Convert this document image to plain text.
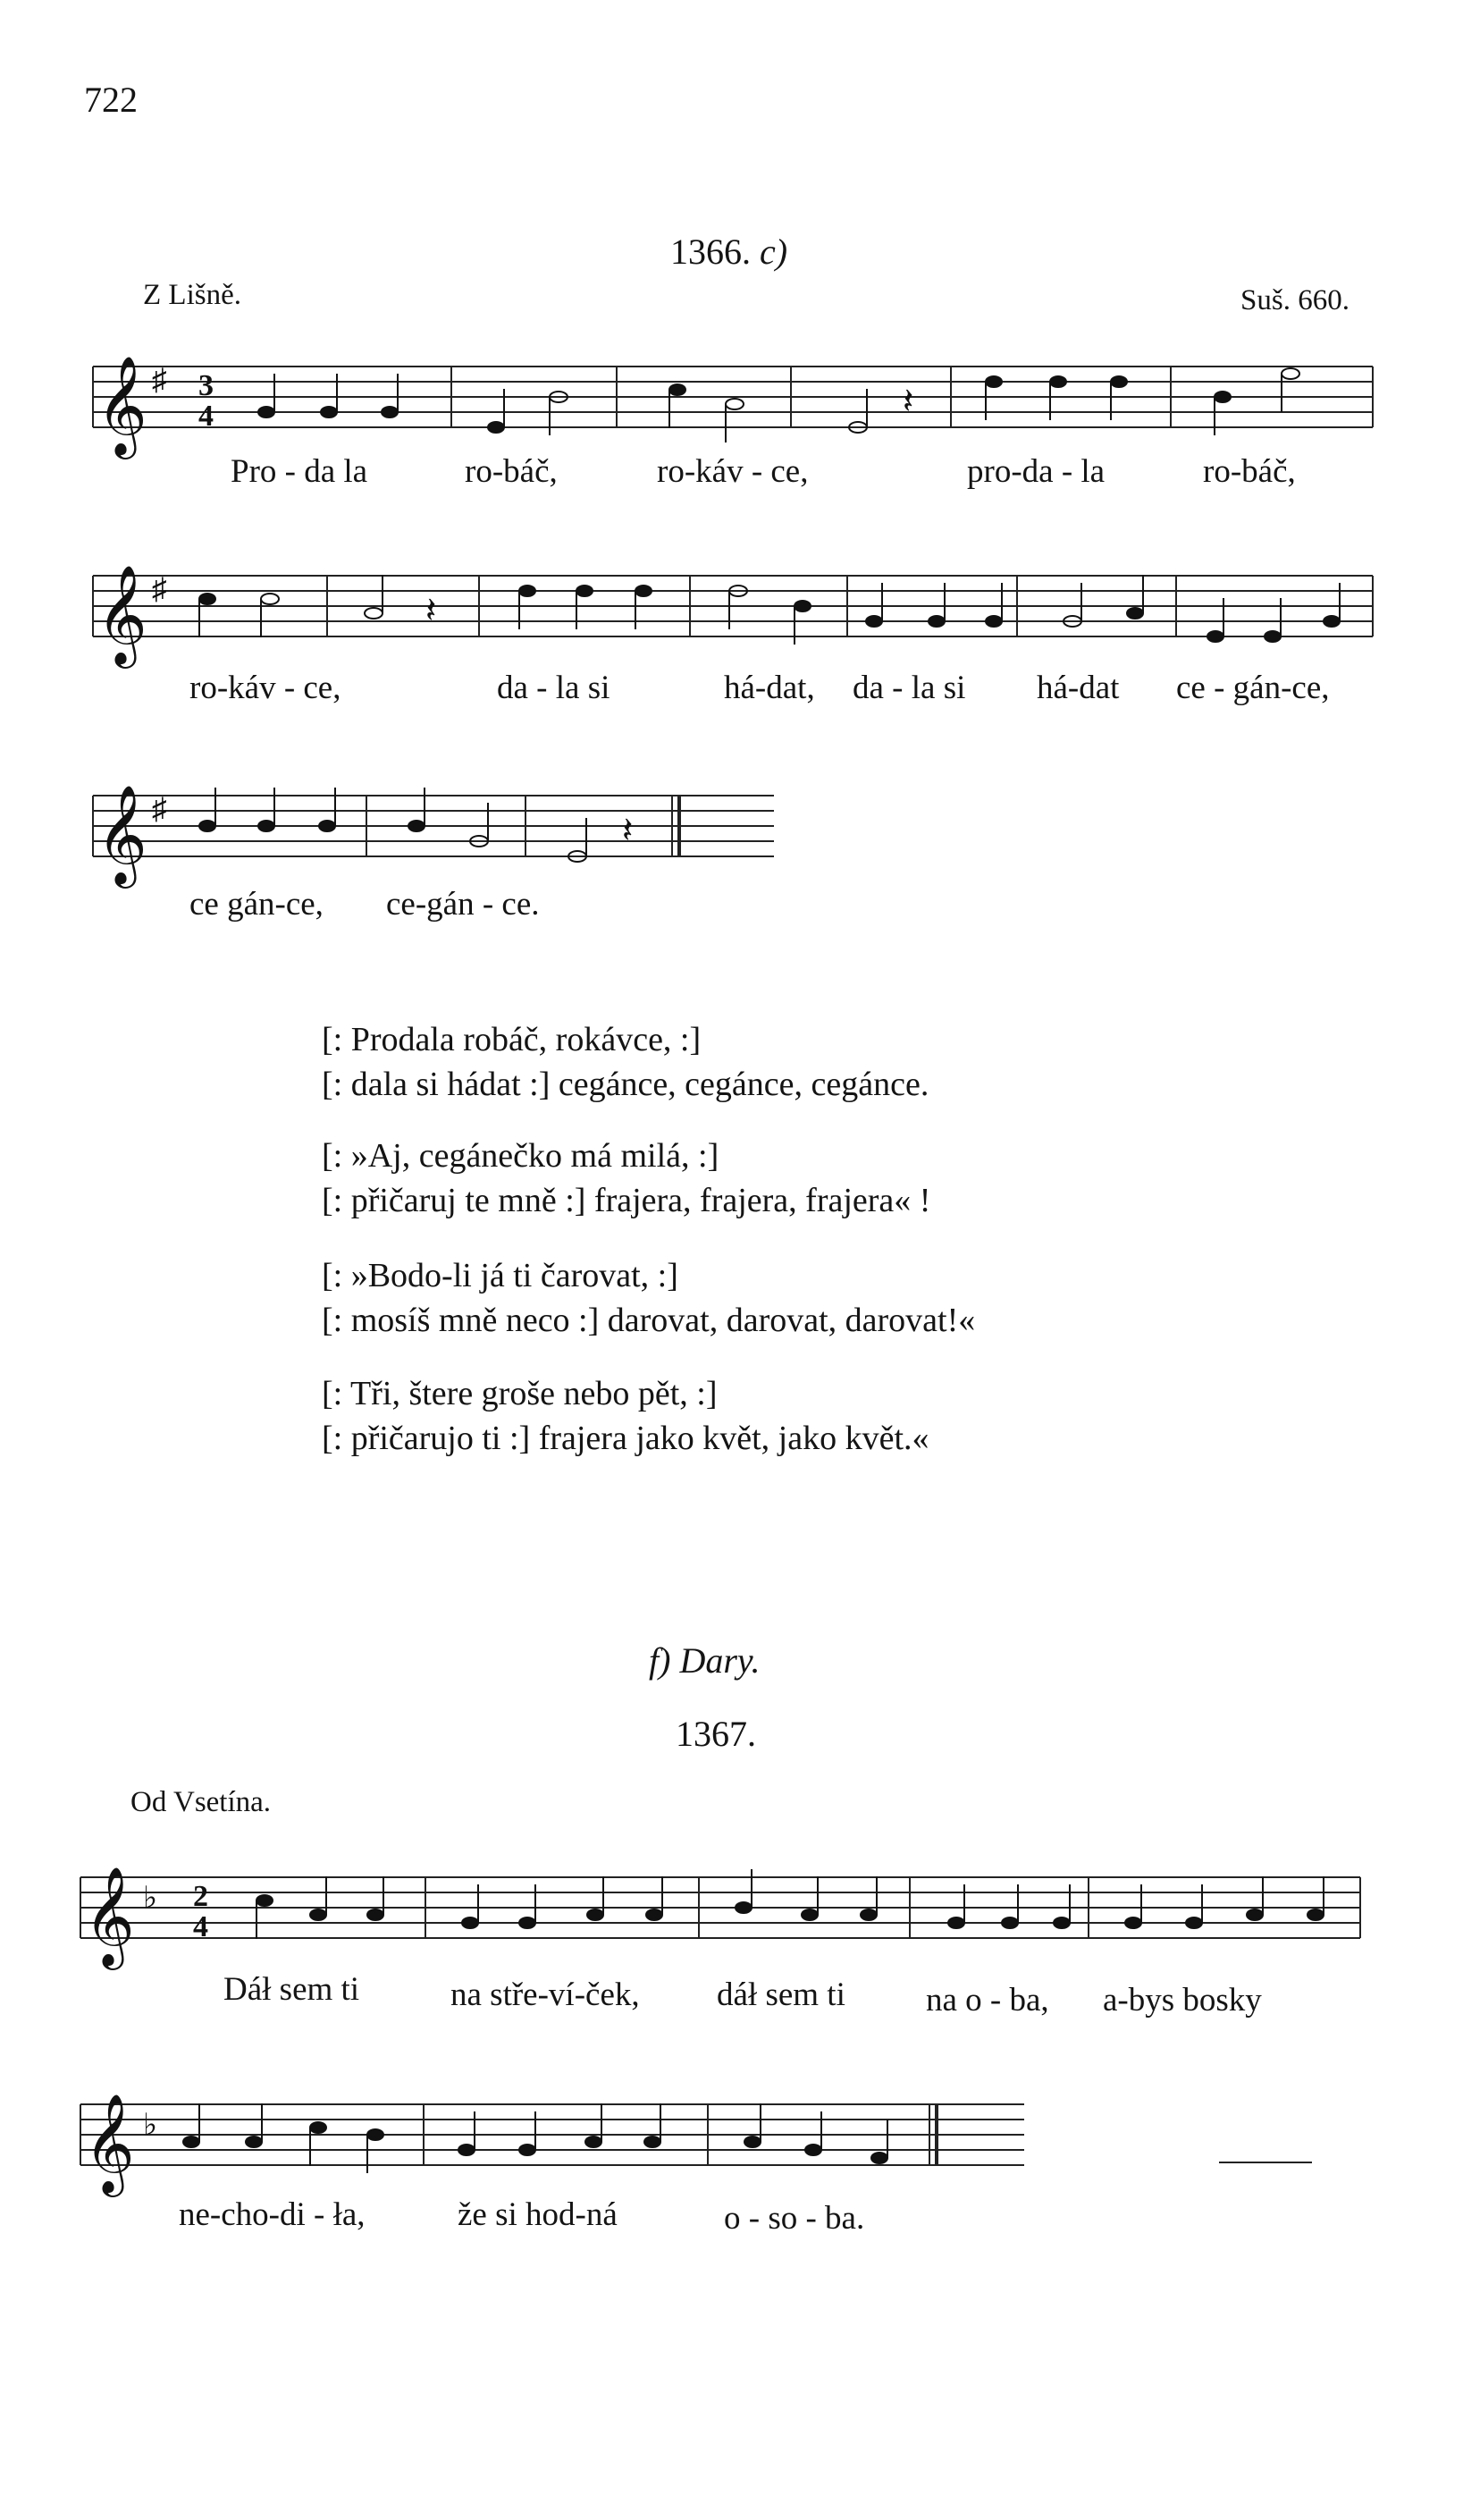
722
1366. c)
Z Lišně.	Suš. 660.
𝄞 ♯ 3
4	𝄽
Pro - da la	ro-báč,	ro-káv - ce,	pro-da - la	ro-báč,
𝄞 ♯
𝄽
ro-káv - ce,	da - la si	há-dat, da - la si há-dat ce - gán-ce,
𝄞 ♯
𝄽
ce gán-ce, ce-gán - ce.
[: Prodala robáč, rokávce, :]
[: dala si hádat :] cegánce, cegánce, cegánce.
[: »Aj, cegánečko má milá, :]
[: přičaruj te mně :] frajera, frajera, frajera« !
[: »Bodo-li já ti čarovat, :]
[: mosíš mně neco :] darovat, darovat, darovat!«
[: Tři, štere groše nebo pět, :]
[: přičarujo ti :] frajera jako květ, jako květ.«
f) Dary.
1367.
Od Vsetína.
𝄞 ♭ 2
4
Dáł sem ti	na stře-ví-ček, dáł sem ti na o - ba, a-bys bosky
𝄞 ♭
ne-cho-di - ła,	že si hod-ná	o - so - ba.
